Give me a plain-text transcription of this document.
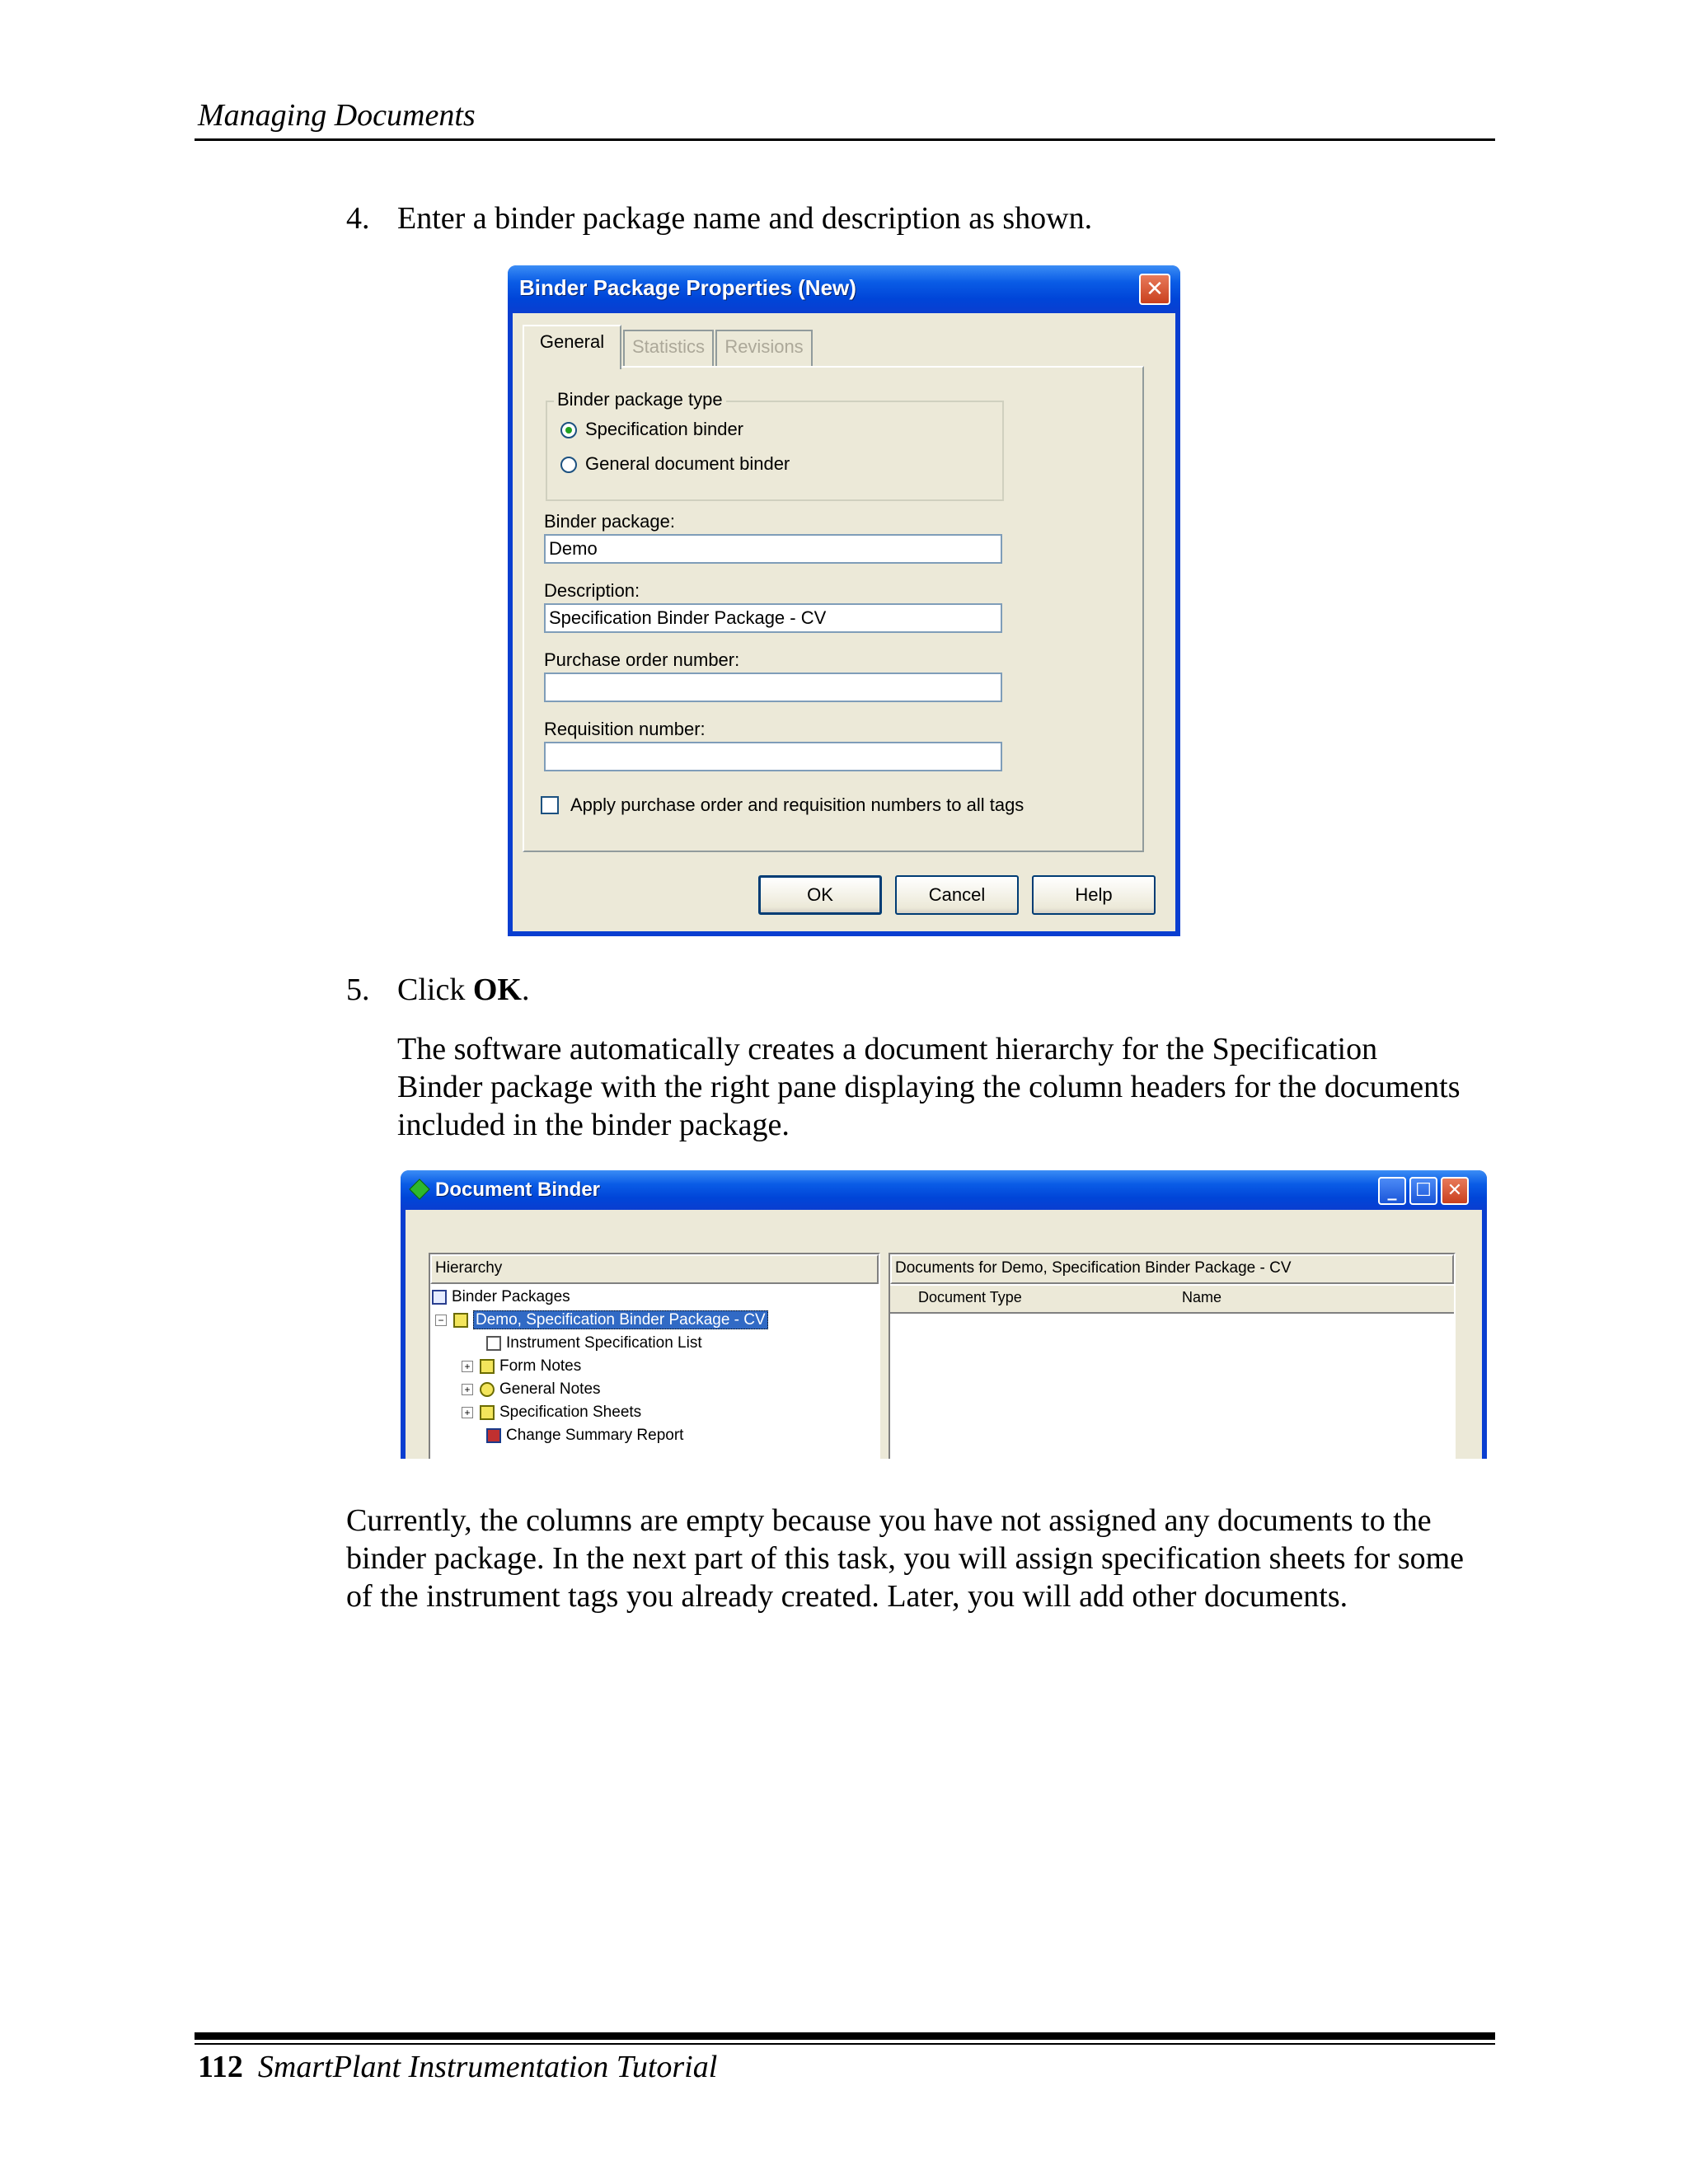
Managing Documents
4. Enter a binder package name and description as shown.
Binder Package Properties (New)	✕
General	Statistics	Revisions
Binder package type
Specification binder
General document binder
Binder package:
Demo
Description:
Specification Binder Package - CV
Purchase order number:
Requisition number:
Apply purchase order and requisition numbers to all tags
OK	Cancel	Help
5. Click OK.
The software automatically creates a document hierarchy for the Specification Binder package with the right pane displaying the column headers for the documents included in the binder package.
Document Binder	_	☐ ✕
Hierarchy
Binder Packages
− Demo, Specification Binder Package - CV
Instrument Specification List
+ Form Notes
+ General Notes
+ Specification Sheets
Change Summary Report
Documents for Demo, Specification Binder Package - CV
Document Type	Name
Currently, the columns are empty because you have not assigned any documents to the binder package. In the next part of this task, you will assign specification sheets for some of the instrument tags you already created. Later, you will add other documents.
112 SmartPlant Instrumentation Tutorial
